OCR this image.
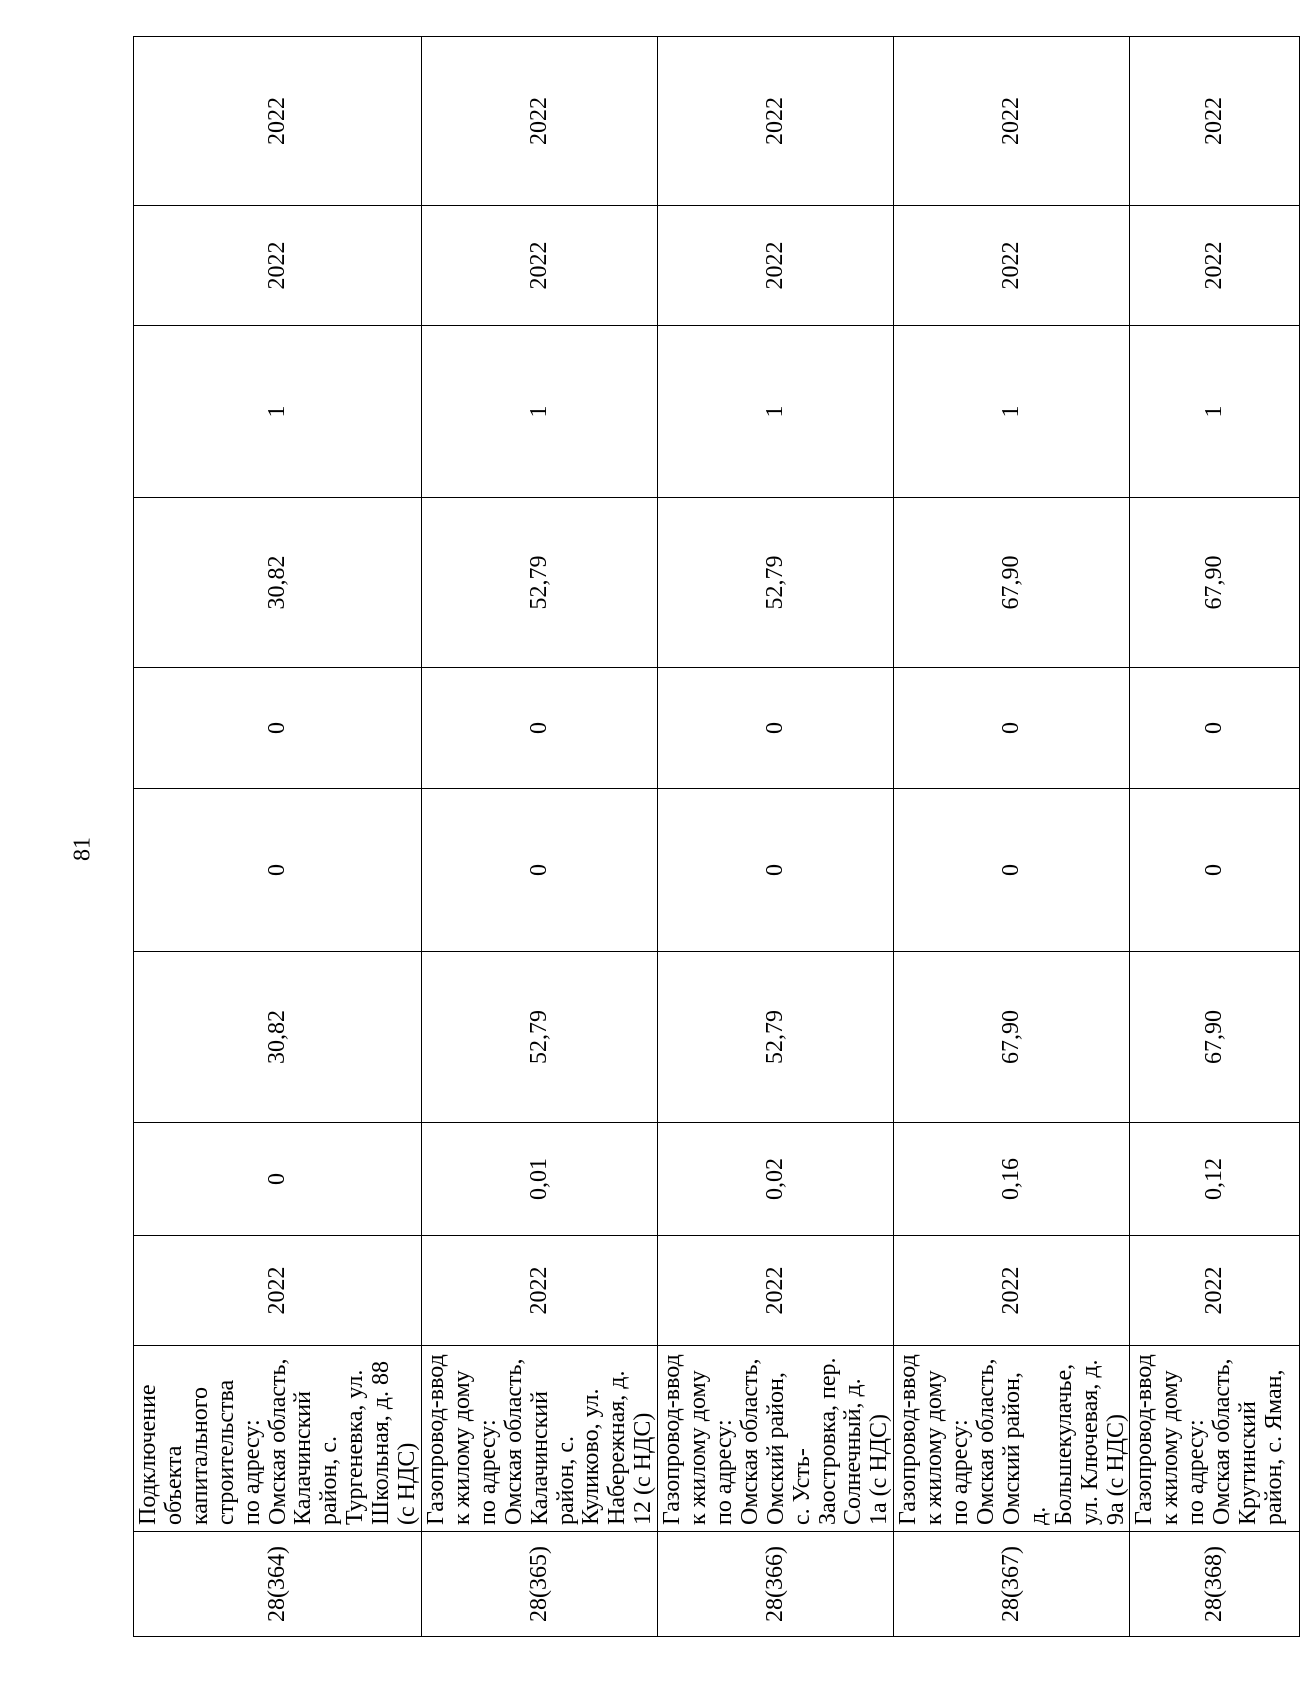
81
28(364)	Подключение объекта капитального строительства по адресу: Омская область, Калачинский район, с. Тургеневка, ул. Школьная, д. 88 (с НДС)	2022	0	30,82	0	0	30,82	1	2022	2022
28(365)	Газопровод-ввод к жилому дому по адресу: Омская область, Калачинский район, с. Куликово, ул. Набережная, д. 12 (с НДС)	2022	0,01	52,79	0	0	52,79	1	2022	2022
28(366)	Газопровод-ввод к жилому дому по адресу: Омская область, Омский район, с. Усть-Заостровка, пер. Солнечный, д. 1а (с НДС)	2022	0,02	52,79	0	0	52,79	1	2022	2022
28(367)	Газопровод-ввод к жилому дому по адресу: Омская область, Омский район, д. Большекулачье, ул. Ключевая, д. 9а (с НДС)	2022	0,16	67,90	0	0	67,90	1	2022	2022
28(368)	Газопровод-ввод к жилому дому по адресу: Омская область, Крутинский район, с. Яман,	2022	0,12	67,90	0	0	67,90	1	2022	2022
